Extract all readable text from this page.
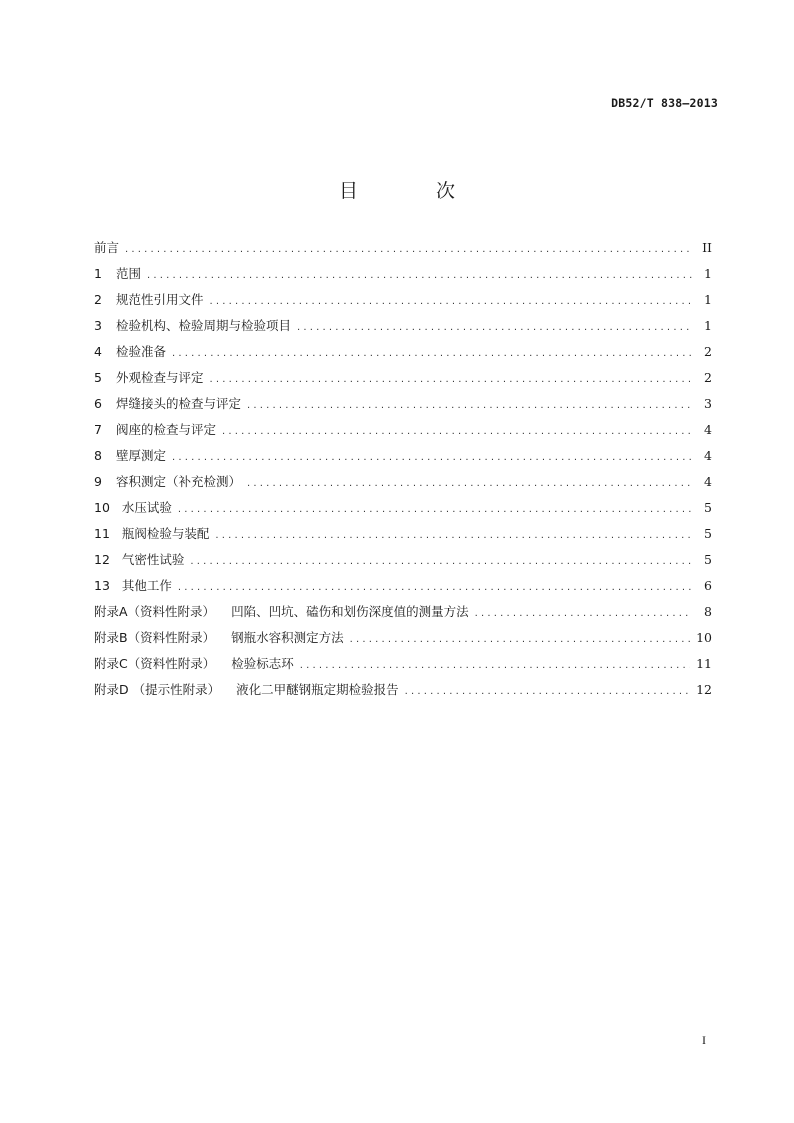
DB52/T 838—2013
目 次
前言 .....	II
1 范围 .....	1
2 规范性引用文件 .....	1
3 检验机构、检验周期与检验项目 .....	1
4 检验准备 .....	2
5 外观检查与评定 .....	2
6 焊缝接头的检查与评定 .....	3
7 阀座的检查与评定 .....	4
8 壁厚测定 .....	4
9 容积测定（补充检测） .....	4
10 水压试验 .....	5
11 瓶阀检验与装配 .....	5
12 气密性试验 .....	5
13 其他工作 .....	6
附录A（资料性附录） 凹陷、凹坑、磕伤和划伤深度值的测量方法 .....	8
附录B（资料性附录） 钢瓶水容积测定方法 .....	10
附录C（资料性附录） 检验标志环 .....	11
附录D （提示性附录） 液化二甲醚钢瓶定期检验报告 .....	12
I
